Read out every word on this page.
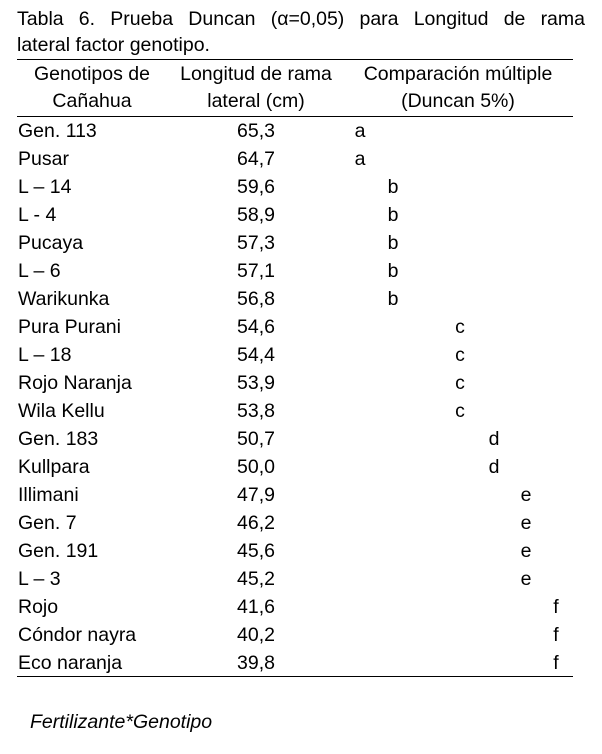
Tabla 6. Prueba Duncan (α=0,05) para Longitud de rama
lateral factor genotipo.
Genotipos de
Cañahua
Longitud de rama
lateral (cm)
Comparación múltiple
(Duncan 5%)
Gen. 113	65,3	a
Pusar	64,7	a
L – 14	59,6	b
L - 4	58,9	b
Pucaya	57,3	b
L – 6	57,1	b
Warikunka	56,8	b
Pura Purani	54,6	c
L – 18	54,4	c
Rojo Naranja	53,9	c
Wila Kellu	53,8	c
Gen. 183	50,7	d
Kullpara	50,0	d
Illimani	47,9	e
Gen. 7	46,2	e
Gen. 191	45,6	e
L – 3	45,2	e
Rojo	41,6	f
Cóndor nayra	40,2	f
Eco naranja	39,8	f
Fertilizante*Genotipo
